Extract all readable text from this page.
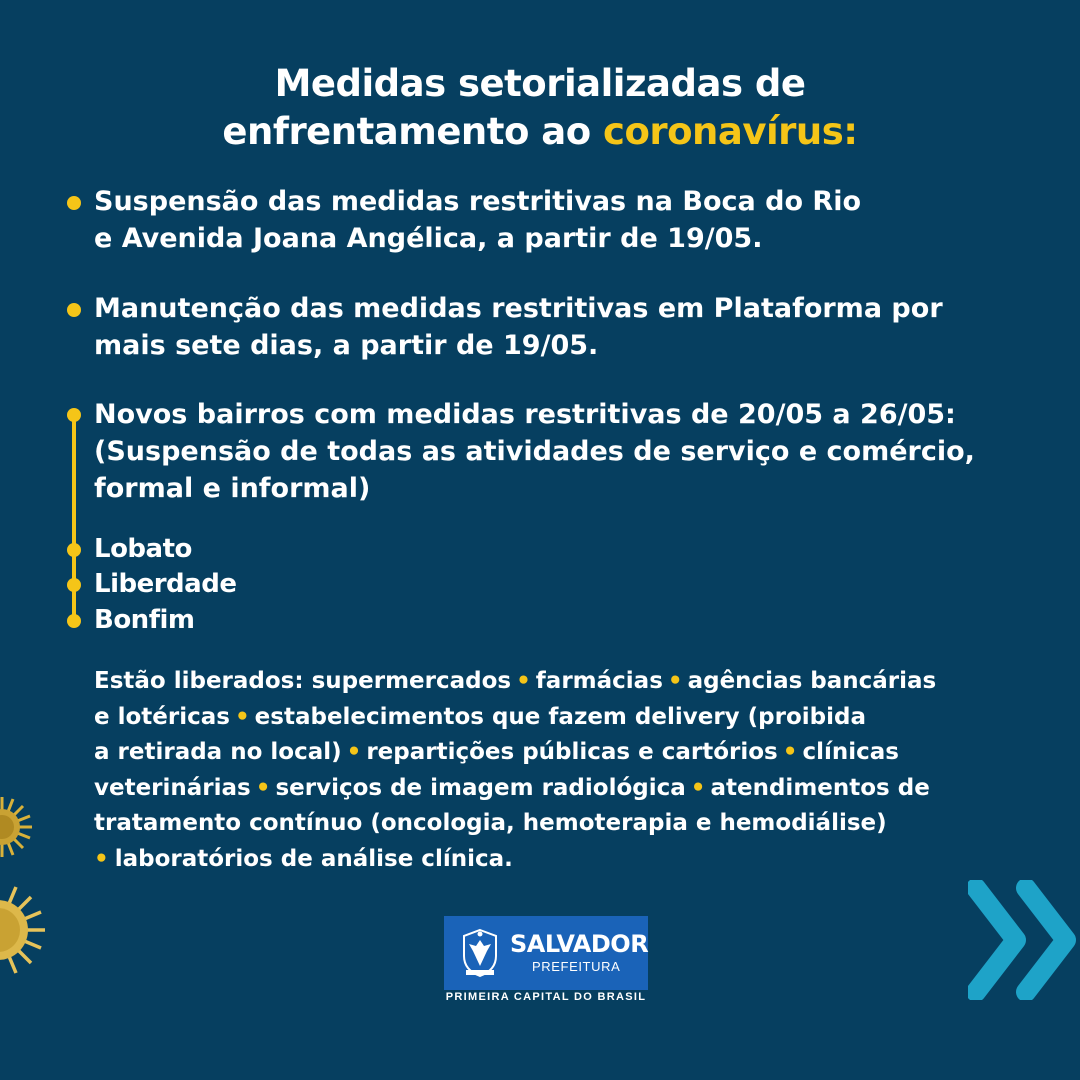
Medidas setorializadas de
enfrentamento ao coronavírus:
Suspensão das medidas restritivas na Boca do Rio
e Avenida Joana Angélica, a partir de 19/05.
Manutenção das medidas restritivas em Plataforma por
mais sete dias, a partir de 19/05.
Novos bairros com medidas restritivas de 20/05 a 26/05:
(Suspensão de todas as atividades de serviço e comércio,
formal e informal)
Lobato
Liberdade
Bonfim
Estão liberados: supermercados • farmácias • agências bancárias
e lotéricas • estabelecimentos que fazem delivery (proibida
a retirada no local) • repartições públicas e cartórios • clínicas
veterinárias • serviços de imagem radiológica • atendimentos de
tratamento contínuo (oncologia, hemoterapia e hemodiálise)
• laboratórios de análise clínica.
SALVADOR
PREFEITURA
PRIMEIRA CAPITAL DO BRASIL
